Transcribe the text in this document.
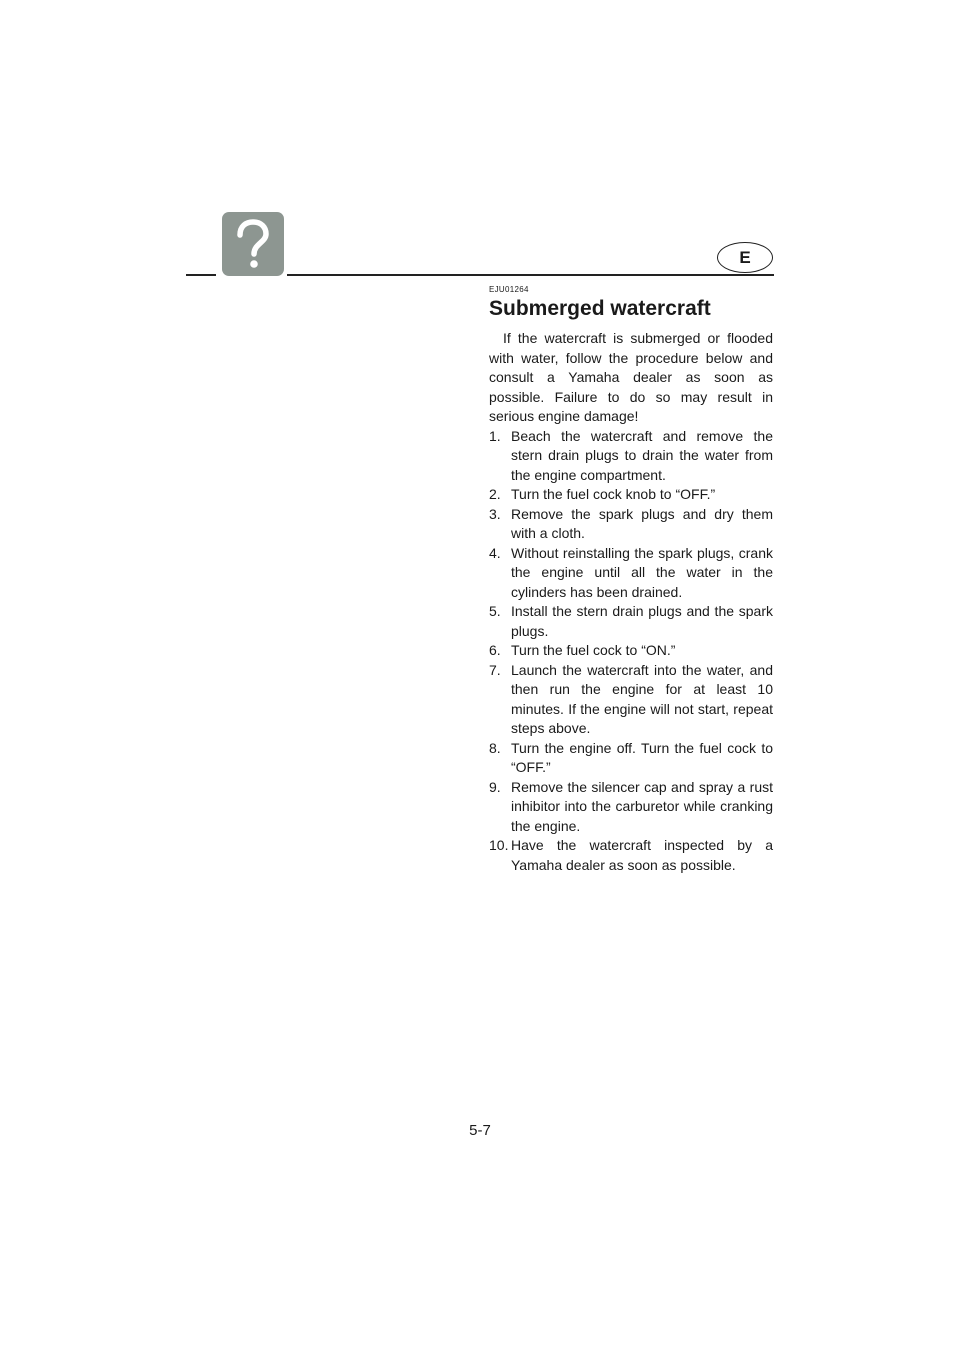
E
EJU01264
Submerged watercraft

If the watercraft is submerged or flooded with water, follow the procedure below and consult a Yamaha dealer as soon as possible. Failure to do so may result in serious engine damage!

1. Beach the watercraft and remove the stern drain plugs to drain the water from the engine compartment.
2. Turn the fuel cock knob to “OFF.”
3. Remove the spark plugs and dry them with a cloth.
4. Without reinstalling the spark plugs, crank the engine until all the water in the cylinders has been drained.
5. Install the stern drain plugs and the spark plugs.
6. Turn the fuel cock to “ON.”
7. Launch the watercraft into the water, and then run the engine for at least 10 minutes. If the engine will not start, repeat steps above.
8. Turn the engine off. Turn the fuel cock to “OFF.”
9. Remove the silencer cap and spray a rust inhibitor into the carburetor while cranking the engine.
10. Have the watercraft inspected by a Yamaha dealer as soon as possible.
5-7
